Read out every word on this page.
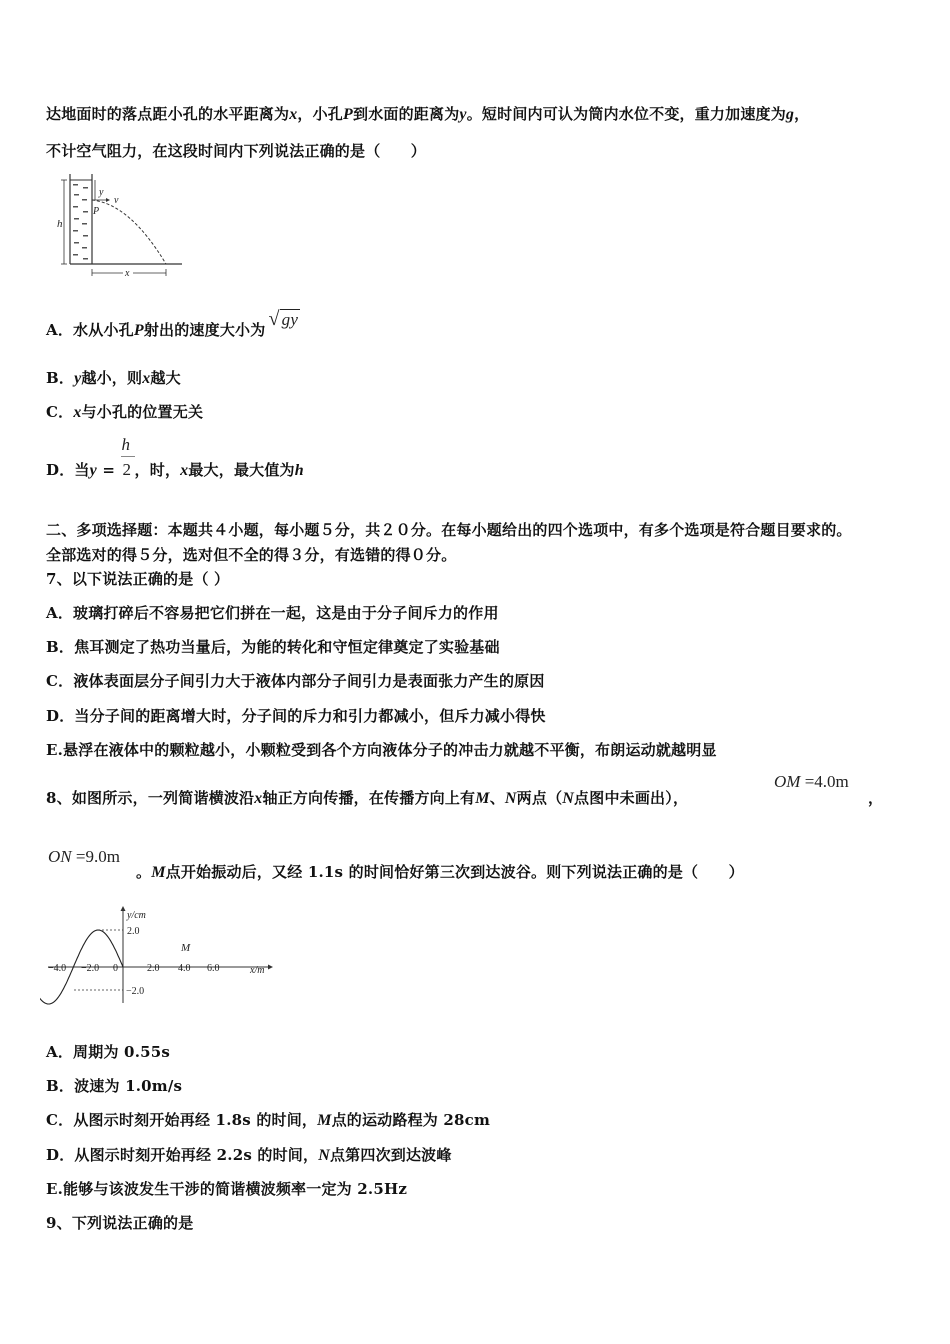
达地面时的落点距小孔的水平距离为x，小孔P到水面的距离为y。短时间内可认为筒内水位不变，重力加速度为g，
不计空气阻力，在这段时间内下列说法正确的是（　　）
h
y
v
P
x
A．水从小孔P射出的速度大小为 √ gy
B．y越小，则x越大
C．x与小孔的位置无关
D．当$y = \frac{h}{2}$ ，时，x最大，最大值为h
二、多项选择题：本题共４小题，每小题５分，共２０分。在每小题给出的四个选项中，有多个选项是符合题目要求的。
全部选对的得５分，选对但不全的得３分，有选错的得０分。
7、以下说法正确的是（ ）
A．玻璃打碎后不容易把它们拼在一起，这是由于分子间斥力的作用
B．焦耳测定了热功当量后，为能的转化和守恒定律奠定了实验基础
C．液体表面层分子间引力大于液体内部分子间引力是表面张力产生的原因
D．当分子间的距离增大时，分子间的斥力和引力都减小，但斥力减小得快
E.悬浮在液体中的颗粒越小，小颗粒受到各个方向液体分子的冲击力就越不平衡，布朗运动就越明显
8、如图所示，一列简谐横波沿x轴正方向传播，在传播方向上有M、N两点（N点图中未画出），
OM =4.0m
，
ON =9.0m
。M点开始振动后，又经 1.1s 的时间恰好第三次到达波谷。则下列说法正确的是（　　）
y/cm
x/m
2.0
−2.0
−4.0 −2.0 0	2.0 4.0 6.0
M
A．周期为 0.55s
B．波速为 1.0m/s
C．从图示时刻开始再经 1.8s 的时间，M点的运动路程为 28cm
D．从图示时刻开始再经 2.2s 的时间，N点第四次到达波峰
E.能够与该波发生干涉的简谐横波频率一定为 2.5Hz
9、下列说法正确的是
